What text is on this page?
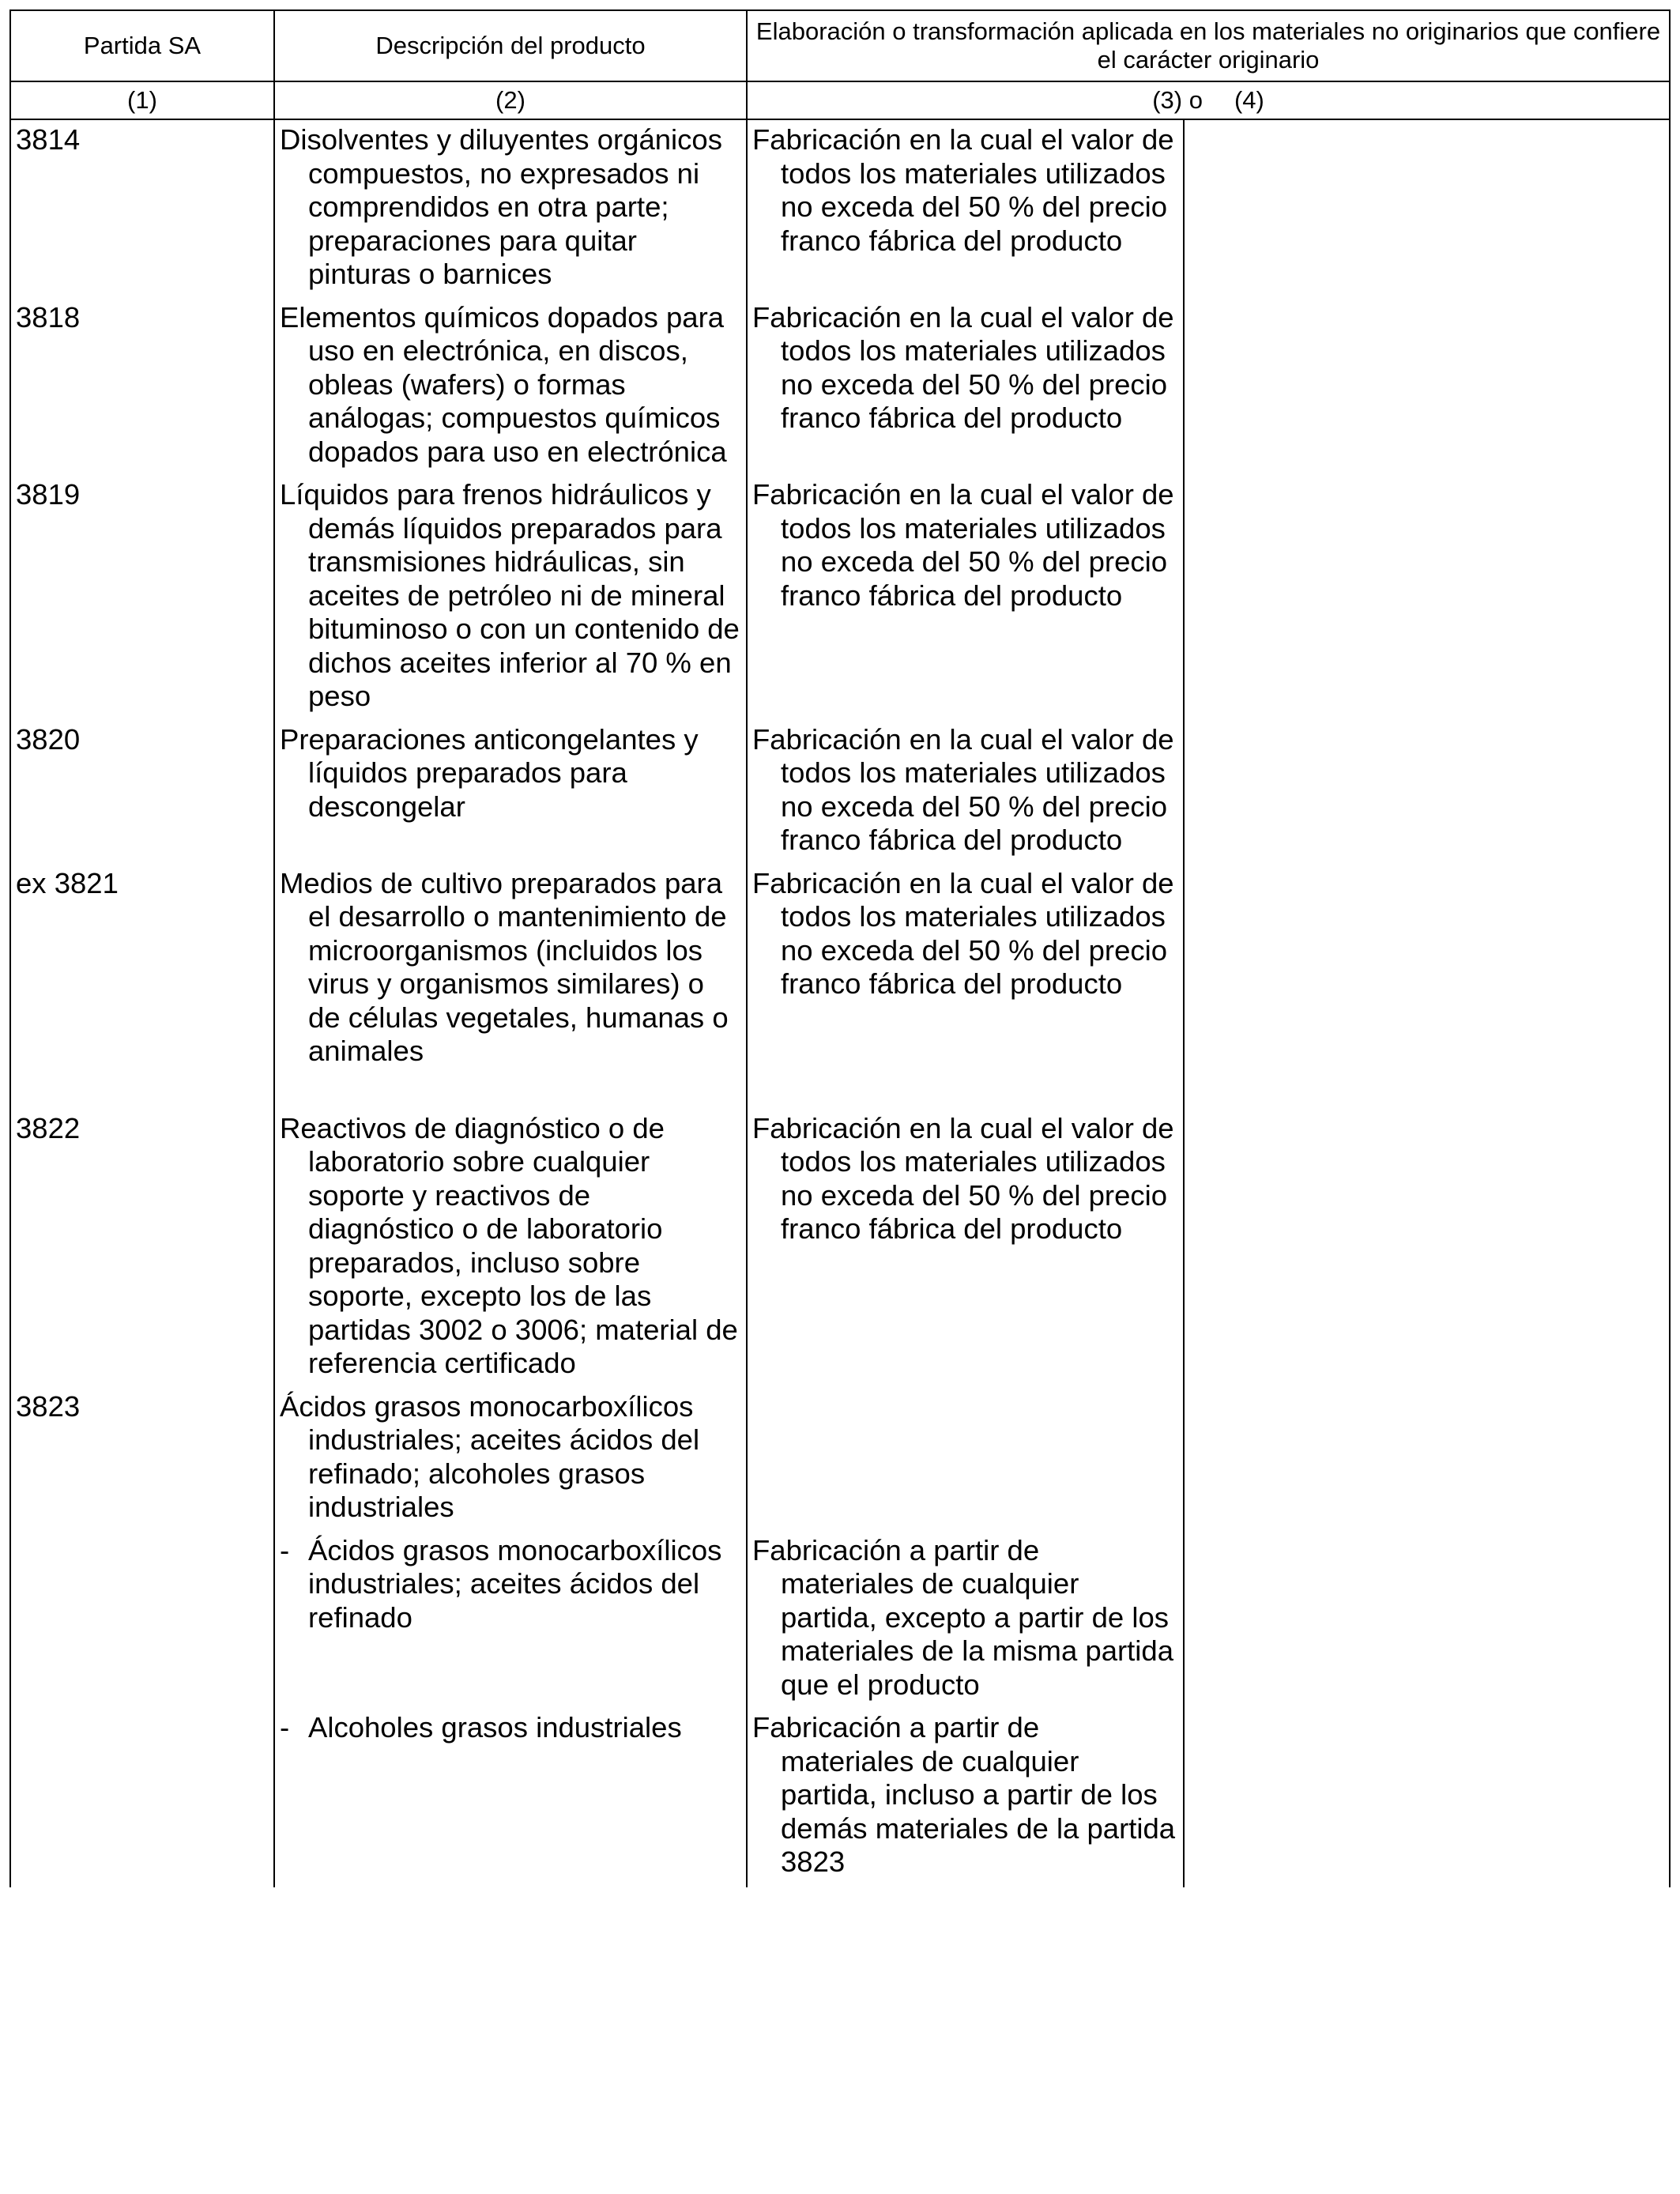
Partida SA	Descripción del producto	Elaboración o transformación aplicada en los materiales no originarios que confiere el carácter originario	
(1)	(2)	(3) o (4)	
3814	Disolventes y diluyentes orgánicos compuestos, no expresados ni comprendidos en otra parte; preparaciones para quitar pinturas o barnices	Fabricación en la cual el valor de todos los materiales utilizados no exceda del 50 % del precio franco fábrica del producto	

3818	Elementos químicos dopados para uso en electrónica, en discos, obleas (wafers) o formas análogas; compuestos químicos dopados para uso en electrónica	Fabricación en la cual el valor de todos los materiales utilizados no exceda del 50 % del precio franco fábrica del producto	

3819	Líquidos para frenos hidráulicos y demás líquidos preparados para transmisiones hidráulicas, sin aceites de petróleo ni de mineral bituminoso o con un contenido de dichos aceites inferior al 70 % en peso	Fabricación en la cual el valor de todos los materiales utilizados no exceda del 50 % del precio franco fábrica del producto	

3820	Preparaciones anticongelantes y líquidos preparados para descongelar	Fabricación en la cual el valor de todos los materiales utilizados no exceda del 50 % del precio franco fábrica del producto	

ex 3821	Medios de cultivo preparados para el desarrollo o mantenimiento de microorganismos (incluidos los virus y organismos similares) o de células vegetales, humanas o animales	Fabricación en la cual el valor de todos los materiales utilizados no exceda del 50 % del precio franco fábrica del producto	

3822	Reactivos de diagnóstico o de laboratorio sobre cualquier soporte y reactivos de diagnóstico o de laboratorio preparados, incluso sobre soporte, excepto los de las partidas 3002 o 3006; material de referencia certificado	Fabricación en la cual el valor de todos los materiales utilizados no exceda del 50 % del precio franco fábrica del producto	

3823	Ácidos grasos monocarboxílicos industriales; aceites ácidos del refinado; alcoholes grasos industriales		

	- Ácidos grasos monocarboxílicos industriales; aceites ácidos del refinado	Fabricación a partir de materiales de cualquier partida, excepto a partir de los materiales de la misma partida que el producto	

	- Alcoholes grasos industriales	Fabricación a partir de materiales de cualquier partida, incluso a partir de los demás materiales de la partida 3823	
